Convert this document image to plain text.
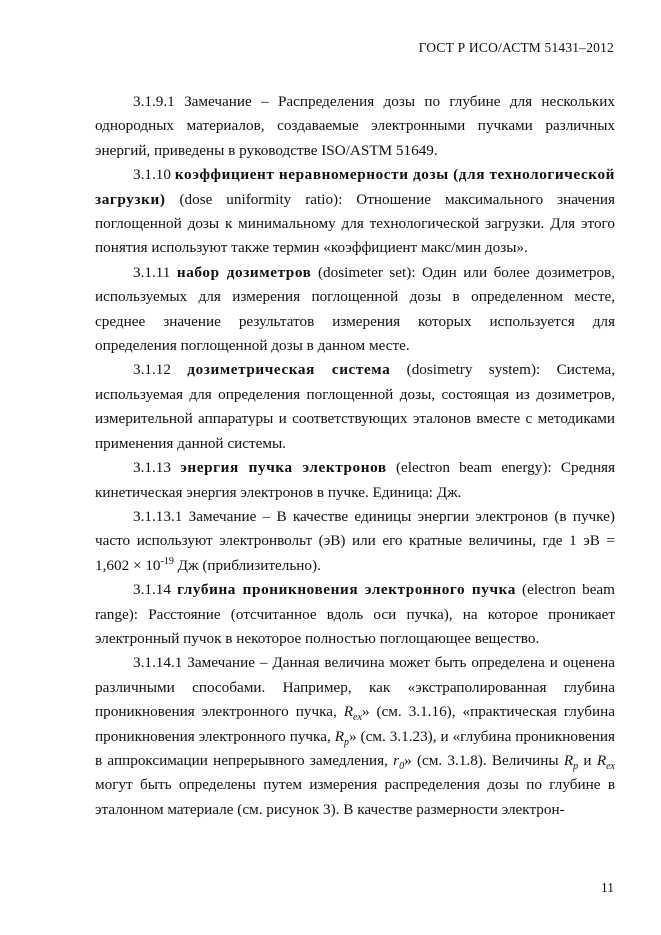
ГОСТ Р ИСО/АСТМ 51431–2012

3.1.9.1 Замечание – Распределения дозы по глубине для нескольких однородных материалов, создаваемые электронными пучками различных энергий, приведены в руководстве ISO/ASTM 51649.

3.1.10 коэффициент неравномерности дозы (для технологической загрузки) (dose uniformity ratio): Отношение максимального значения поглощенной дозы к минимальному для технологической загрузки. Для этого понятия используют также термин «коэффициент макс/мин дозы».

3.1.11 набор дозиметров (dosimeter set): Один или более дозиметров, используемых для измерения поглощенной дозы в определенном месте, среднее значение результатов измерения которых используется для определения поглощенной дозы в данном месте.

3.1.12 дозиметрическая система (dosimetry system): Система, используемая для определения поглощенной дозы, состоящая из дозиметров, измерительной аппаратуры и соответствующих эталонов вместе с методиками применения данной системы.

3.1.13 энергия пучка электронов (electron beam energy): Средняя кинетическая энергия электронов в пучке. Единица: Дж.

3.1.13.1 Замечание – В качестве единицы энергии электронов (в пучке) часто используют электронвольт (эВ) или его кратные величины, где 1 эВ = $1,602 \times 10^{-19}$ Дж (приблизительно).

3.1.14 глубина проникновения электронного пучка (electron beam range): Расстояние (отсчитанное вдоль оси пучка), на которое проникает электронный пучок в некоторое полностью поглощающее вещество.

3.1.14.1 Замечание – Данная величина может быть определена и оценена различными способами. Например, как «экстраполированная глубина проникновения электронного пучка, $R_{ex}$» (см. 3.1.16), «практическая глубина проникновения электронного пучка, $R_p$» (см. 3.1.23), и «глубина проникновения в аппроксимации непрерывного замедления, $r_0$» (см. 3.1.8). Величины $R_p$ и $R_{ex}$ могут быть определены путем измерения распределения дозы по глубине в эталонном материале (см. рисунок 3). В качестве размерности электрон-

11
